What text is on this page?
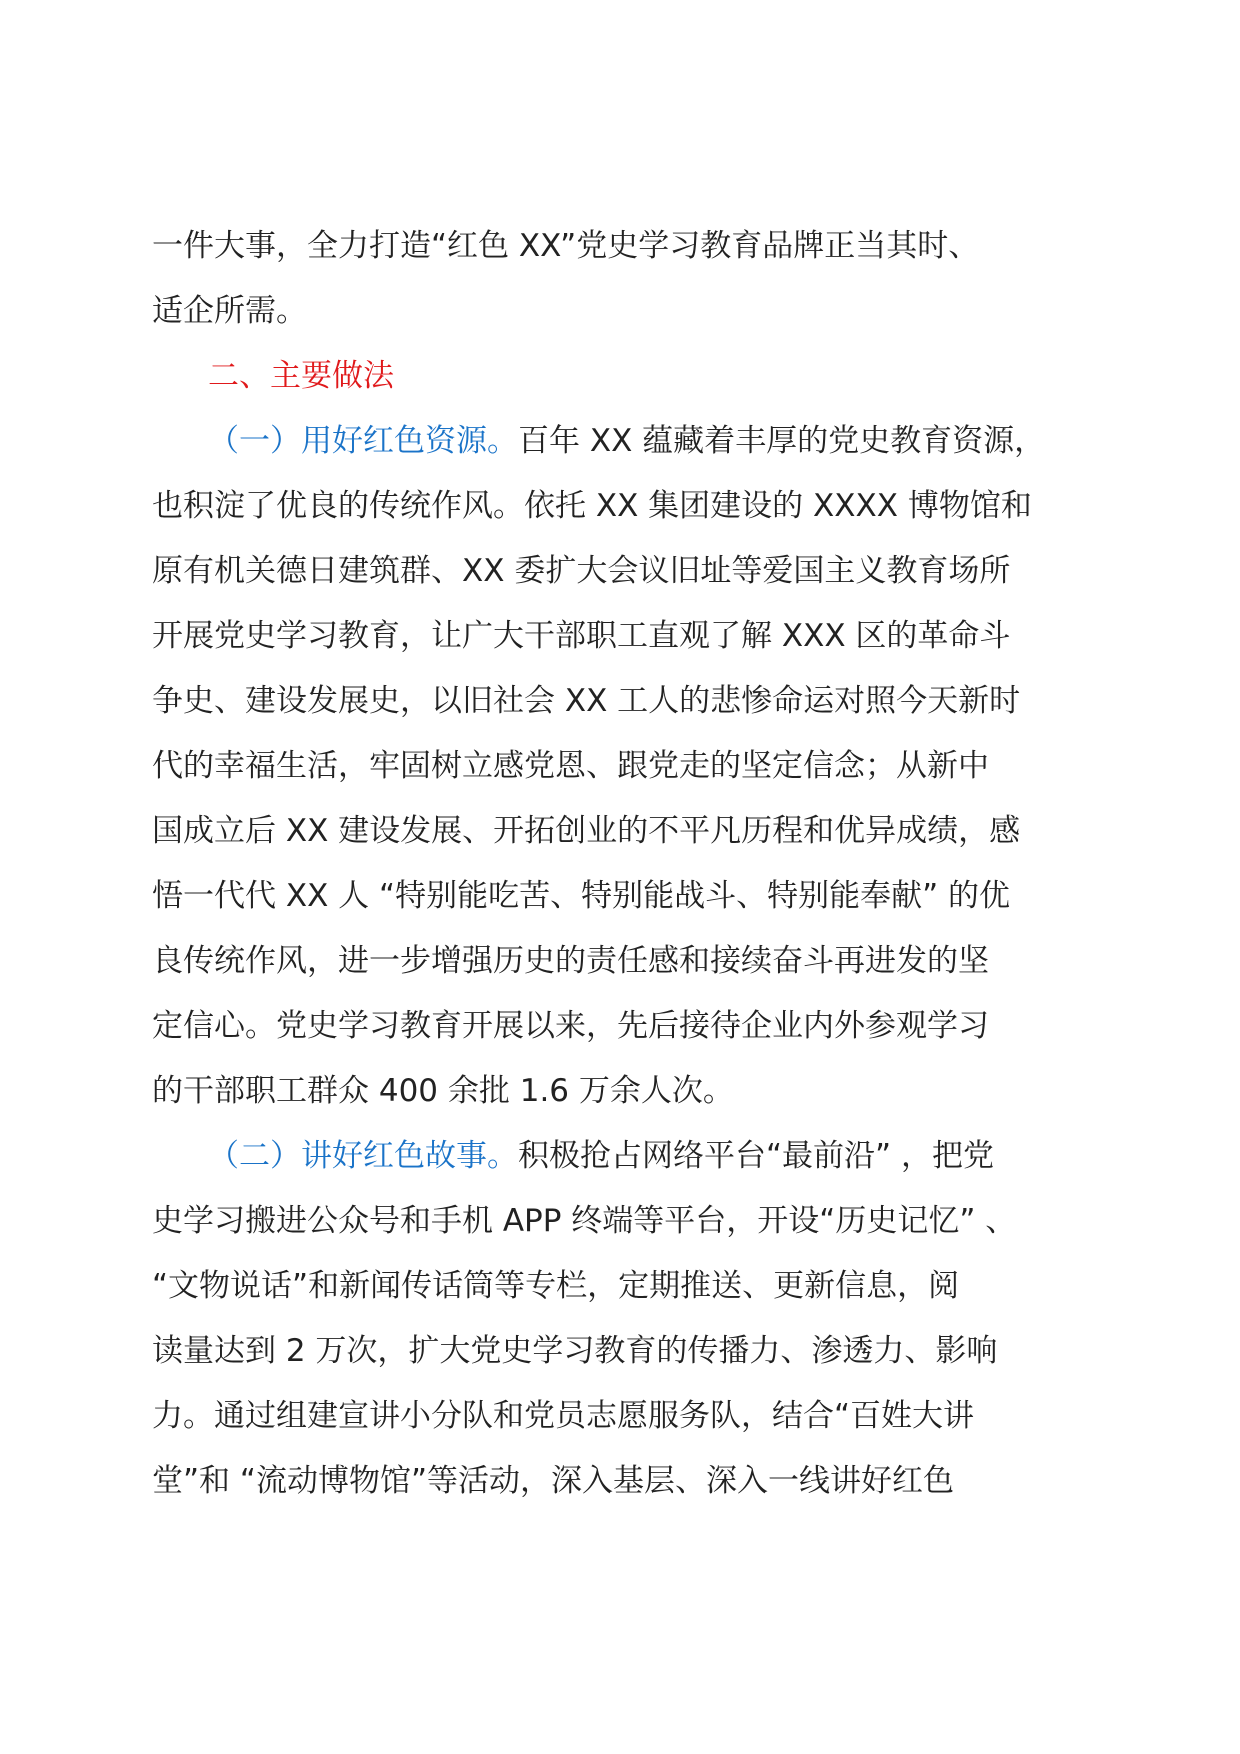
一件大事，全力打造“红色 XX”党史学习教育品牌正当其时、
适企所需。
二、主要做法
（一）用好红色资源。百年 XX 蕴藏着丰厚的党史教育资源，
也积淀了优良的传统作风。依托 XX 集团建设的 XXXX 博物馆和
原有机关德日建筑群、XX 委扩大会议旧址等爱国主义教育场所
开展党史学习教育，让广大干部职工直观了解 XXX 区的革命斗
争史、建设发展史，以旧社会 XX 工人的悲惨命运对照今天新时
代的幸福生活，牢固树立感党恩、跟党走的坚定信念；从新中
国成立后 XX 建设发展、开拓创业的不平凡历程和优异成绩，感
悟一代代 XX 人 “特别能吃苦、特别能战斗、特别能奉献” 的优
良传统作风，进一步增强历史的责任感和接续奋斗再进发的坚
定信心。党史学习教育开展以来，先后接待企业内外参观学习
的干部职工群众 400 余批 1.6 万余人次。
（二）讲好红色故事。积极抢占网络平台“最前沿” ，把党
史学习搬进公众号和手机 APP 终端等平台，开设“历史记忆” 、
“文物说话”和新闻传话筒等专栏，定期推送、更新信息，阅
读量达到 2 万次，扩大党史学习教育的传播力、渗透力、影响
力。通过组建宣讲小分队和党员志愿服务队，结合“百姓大讲
堂”和 “流动博物馆”等活动，深入基层、深入一线讲好红色
